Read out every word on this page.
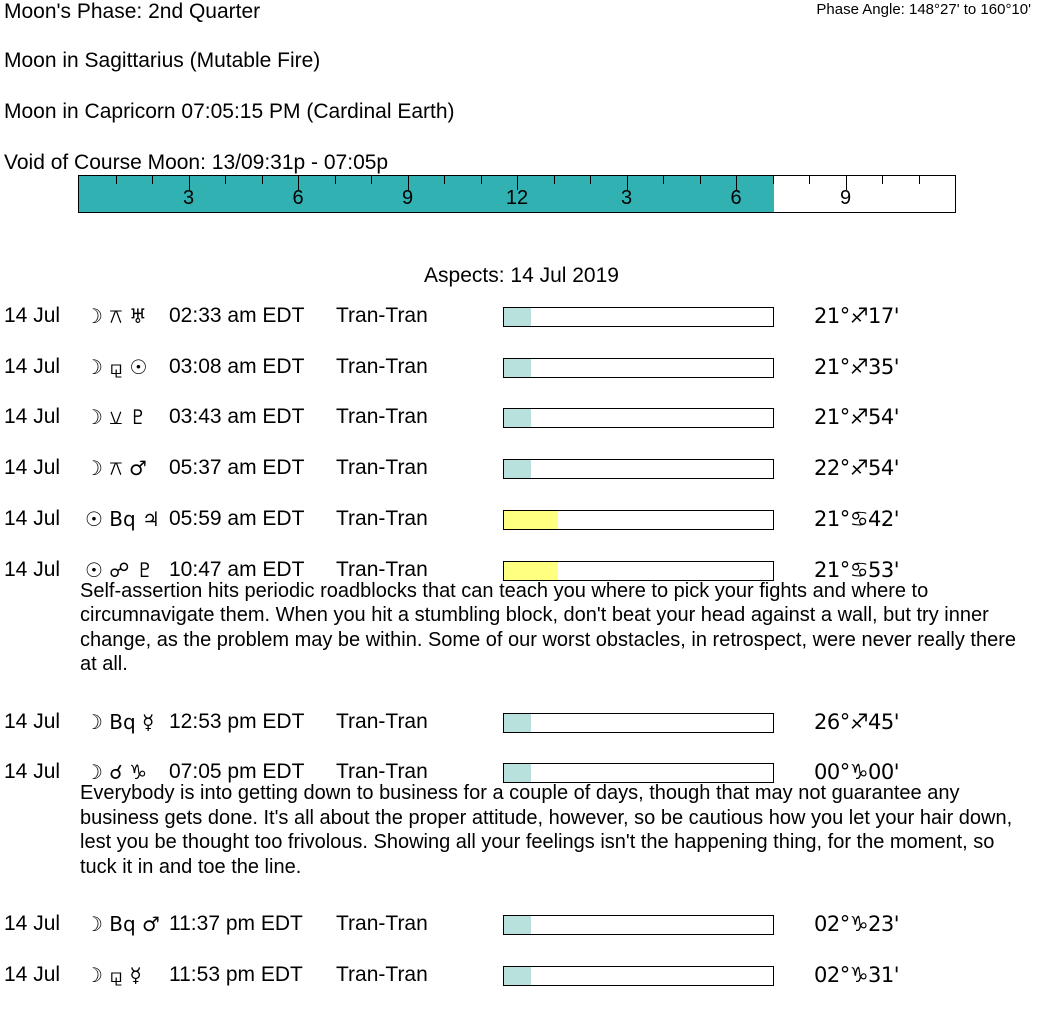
Moon's Phase: 2nd Quarter	Phase Angle: 148°27' to 160°10'
Moon in Sagittarius (Mutable Fire)
Moon in Capricorn 07:05:15 PM (Cardinal Earth)
Void of Course Moon: 13/09:31p - 07:05p
3	6	9	12	3	6	9
Aspects: 14 Jul 2019
14 Jul ☽ ⚻ ♅ 02:33 am EDT Tran-Tran	21°♐17'
14 Jul ☽ ⚼ ☉ 03:08 am EDT Tran-Tran	21°♐35'
14 Jul ☽ ⚺ ♇ 03:43 am EDT Tran-Tran	21°♐54'
14 Jul ☽ ⚻ ♂ 05:37 am EDT Tran-Tran	22°♐54'
14 Jul ☉ Bq ♃ 05:59 am EDT Tran-Tran	21°♋42'
14 Jul ☉ ☍ ♇ 10:47 am EDT Tran-Tran	21°♋53'
Self-assertion hits periodic roadblocks that can teach you where to pick your fights and where to circumnavigate them. When you hit a stumbling block, don't beat your head against a wall, but try inner change, as the problem may be within. Some of our worst obstacles, in retrospect, were never really there at all.
14 Jul ☽ Bq ☿ 12:53 pm EDT Tran-Tran	26°♐45'
14 Jul ☽ ☌ ♑ 07:05 pm EDT Tran-Tran	00°♑00'
Everybody is into getting down to business for a couple of days, though that may not guarantee any business gets done. It's all about the proper attitude, however, so be cautious how you let your hair down, lest you be thought too frivolous. Showing all your feelings isn't the happening thing, for the moment, so tuck it in and toe the line.
14 Jul ☽ Bq ♂ 11:37 pm EDT Tran-Tran	02°♑23'
14 Jul ☽ ⚼ ☿ 11:53 pm EDT Tran-Tran	02°♑31'
